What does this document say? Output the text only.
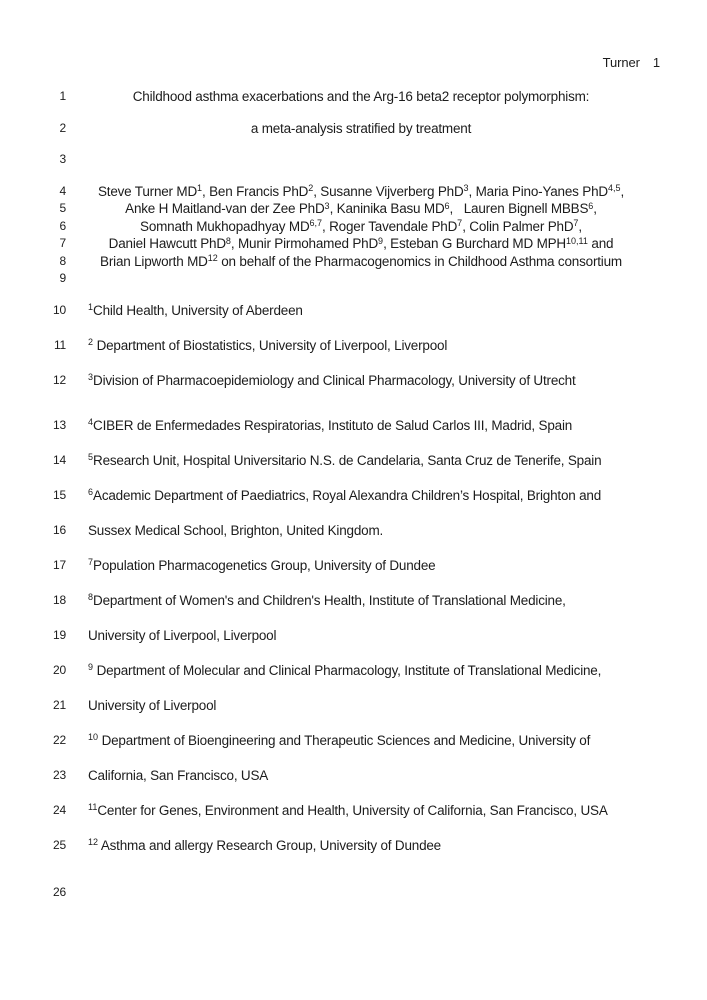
Turner 1

1	Childhood asthma exacerbations and the Arg-16 beta2 receptor polymorphism:
2	a meta-analysis stratified by treatment
3
4	Steve Turner $MD^1$, Ben Francis PhD$^2$, Susanne Vijverberg PhD$^3$, Maria Pino-Yanes PhD$^{4,5}$,
5	Anke H Maitland-van der Zee PhD$^3$, Kaninika Basu $MD^6$,   Lauren Bignell MBBS$^6$,
6	Somnath Mukhopadhyay MD$^{6,7}$, Roger Tavendale PhD$^7$, Colin Palmer PhD$^7$,
7	Daniel Hawcutt PhD$^8$, Munir Pirmohamed PhD$^9$, Esteban G Burchard MD MPH$^{10,11}$ and
8	Brian Lipworth MD$^{12}$ on behalf of the Pharmacogenomics in Childhood Asthma consortium
9
10 $^1$Child Health, University of Aberdeen
11 $^2$ Department of Biostatistics, University of Liverpool, Liverpool
12 $^3$Division of Pharmacoepidemiology and Clinical Pharmacology, University of Utrecht
13 $^4$CIBER de Enfermedades Respiratorias, Instituto de Salud Carlos III, Madrid, Spain
14 $^5$Research Unit, Hospital Universitario N.S. de Candelaria, Santa Cruz de Tenerife, Spain
15 $^6$Academic Department of Paediatrics, Royal Alexandra Children’s Hospital, Brighton and
16 Sussex Medical School, Brighton, United Kingdom.
17 $^7$Population Pharmacogenetics Group, University of Dundee
18 $^8$Department of Women's and Children's Health, Institute of Translational Medicine,
19 University of Liverpool, Liverpool
20 $^9$ Department of Molecular and Clinical Pharmacology, Institute of Translational Medicine,
21 University of Liverpool
22 $^{10}$ Department of Bioengineering and Therapeutic Sciences and Medicine, University of
23 California, San Francisco, USA
24 $^{11}$Center for Genes, Environment and Health, University of California, San Francisco, USA
25 $^{12}$ Asthma and allergy Research Group, University of Dundee
26
